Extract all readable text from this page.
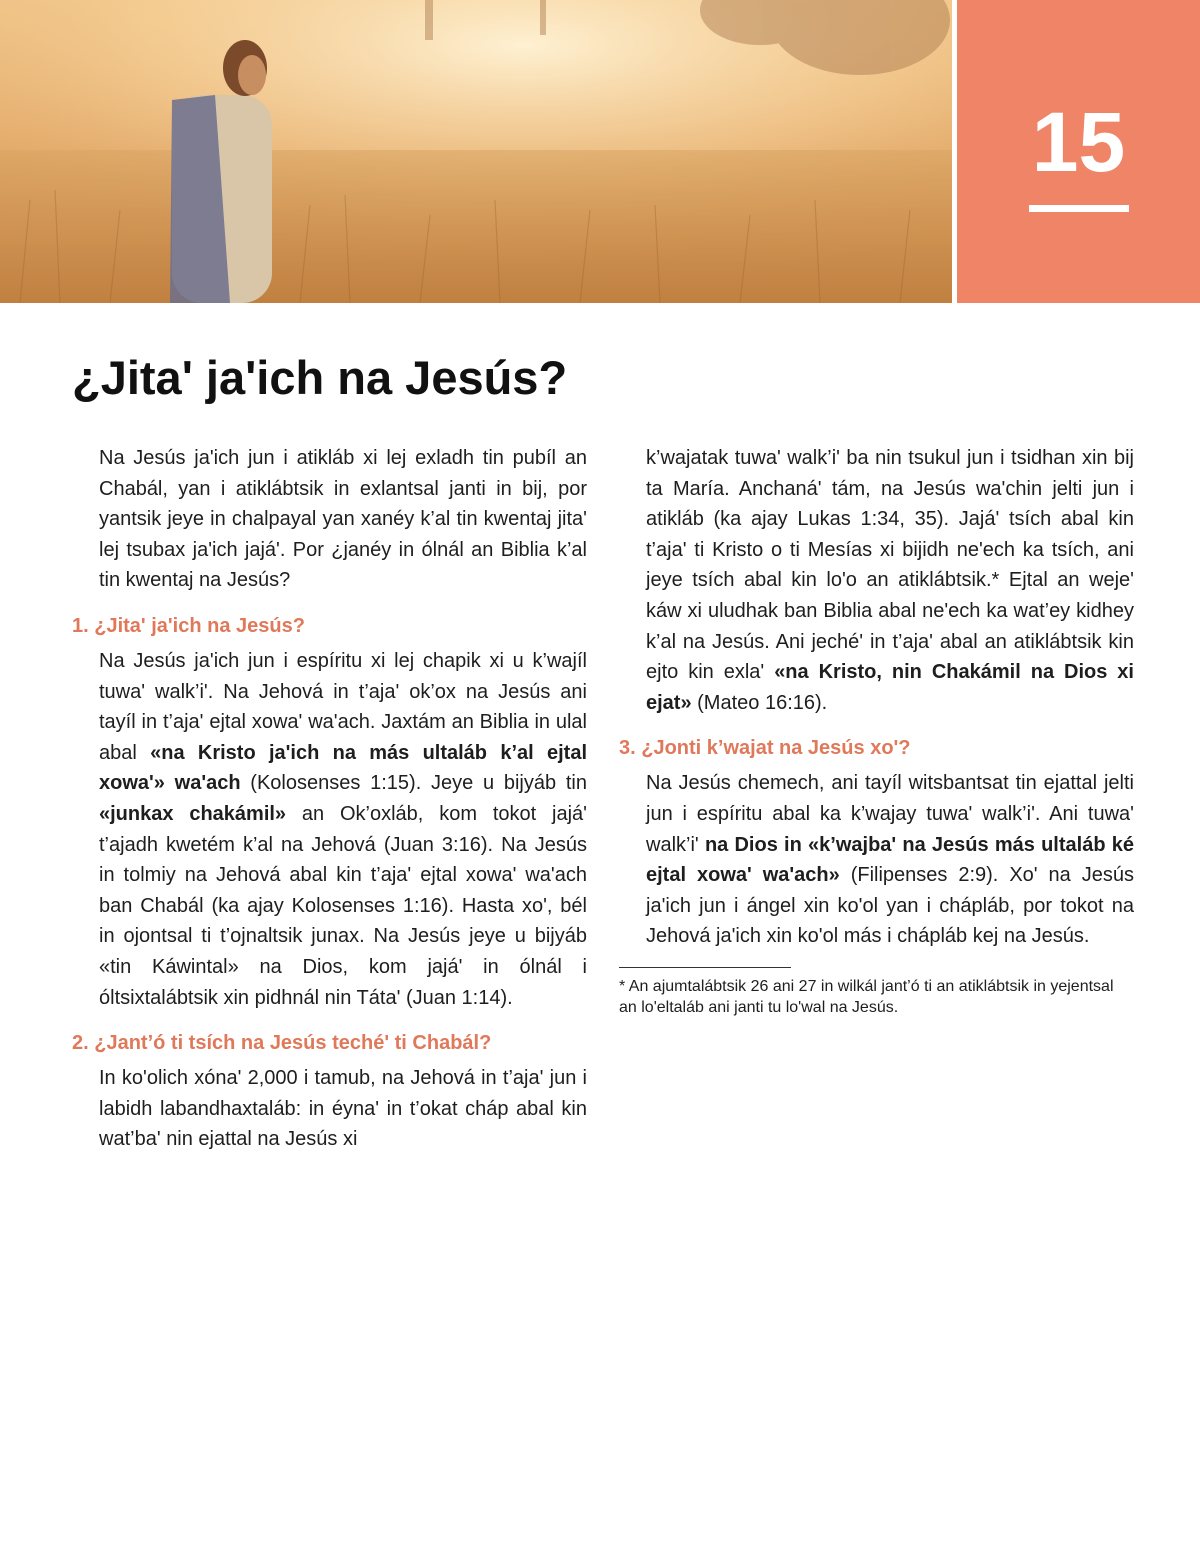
15
¿Jita' ja'ich na Jesús?

Na Jesús ja'ich jun i atikláb xi lej exladh tin pubíl an Chabál, yan i atiklábtsik in exlantsal janti in bij, por yantsik jeye in chalpayal yan xanéy k’al tin kwentaj jita' lej tsubax ja'ich jajá'. Por ¿janéy in ólnál an Biblia k’al tin kwentaj na Jesús?

1. ¿Jita' ja'ich na Jesús?

Na Jesús ja'ich jun i espíritu xi lej chapik xi u k’wajíl tuwa' walk’i'. Na Jehová in t’aja' ok’ox na Jesús ani tayíl in t’aja' ejtal xowa' wa'ach. Jaxtám an Biblia in ulal abal «na Kristo ja'ich na más ultaláb k’al ejtal xowa'» wa'ach (Kolosenses 1:15). Jeye u bijyáb tin «junkax chakámil» an Ok’oxláb, kom tokot jajá' t’ajadh kwetém k’al na Jehová (Juan 3:16). Na Jesús in tolmiy na Jehová abal kin t’aja' ejtal xowa' wa'ach ban Chabál (ka ajay Kolosenses 1:16). Hasta xo', bél in ojontsal ti t’ojnaltsik junax. Na Jesús jeye u bijyáb «tin Káwintal» na Dios, kom jajá' in ólnál i óltsixtalábtsik xin pidhnál nin Táta' (Juan 1:14).

2. ¿Jant’ó ti tsích na Jesús teché' ti Chabál?

In ko'olich xóna' 2,000 i tamub, na Jehová in t’aja' jun i labidh labandhaxtaláb: in éyna' in t’okat cháp abal kin wat’ba' nin ejattal na Jesús xi

k’wajatak tuwa' walk’i' ba nin tsukul jun i tsidhan xin bij ta María. Anchaná' tám, na Jesús wa'chin jelti jun i atikláb (ka ajay Lukas 1:34, 35). Jajá' tsích abal kin t’aja' ti Kristo o ti Mesías xi bijidh ne'ech ka tsích, ani jeye tsích abal kin lo'o an atiklábtsik.* Ejtal an weje' káw xi uludhak ban Biblia abal ne'ech ka wat’ey kidhey k’al na Jesús. Ani jeché' in t’aja' abal an atiklábtsik kin ejto kin exla' «na Kristo, nin Chakámil na Dios xi ejat» (Mateo 16:16).

3. ¿Jonti k’wajat na Jesús xo'?

Na Jesús chemech, ani tayíl witsbantsat tin ejattal jelti jun i espíritu abal ka k’wajay tuwa' walk’i'. Ani tuwa' walk’i' na Dios in «k’wajba' na Jesús más ultaláb ké ejtal xowa' wa'ach» (Filipenses 2:9). Xo' na Jesús ja'ich jun i ángel xin ko'ol yan i chápláb, por tokot na Jehová ja'ich xin ko'ol más i chápláb kej na Jesús.

* An ajumtalábtsik 26 ani 27 in wilkál jant’ó ti an atiklábtsik in yejentsal an lo'eltaláb ani janti tu lo'wal na Jesús.
